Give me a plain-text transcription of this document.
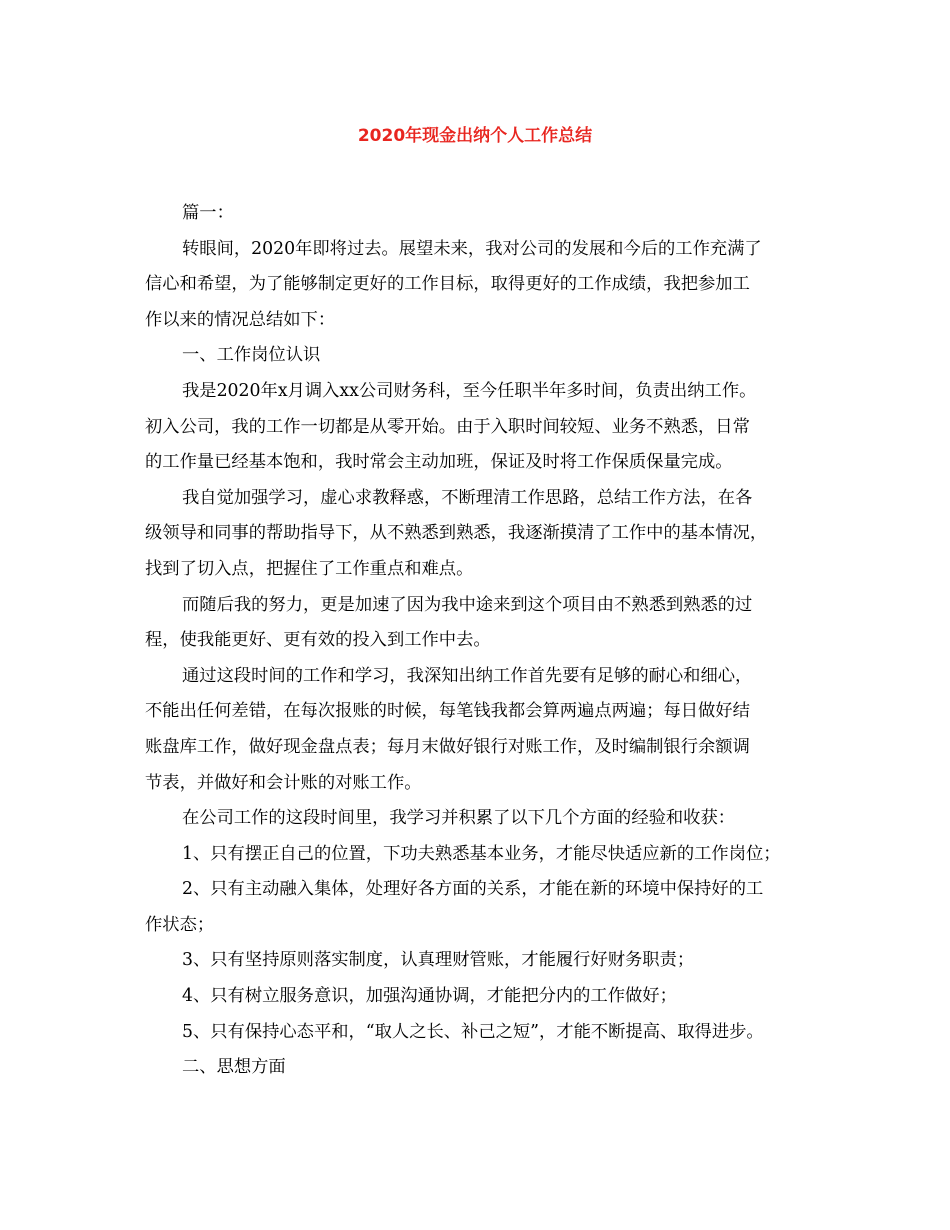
2020年现金出纳个人工作总结
篇一：
转眼间，2020年即将过去。展望未来，我对公司的发展和今后的工作充满了
信心和希望，为了能够制定更好的工作目标，取得更好的工作成绩，我把参加工
作以来的情况总结如下：
一、工作岗位认识
我是2020年x月调入xx公司财务科，至今任职半年多时间，负责出纳工作。
初入公司，我的工作一切都是从零开始。由于入职时间较短、业务不熟悉，日常
的工作量已经基本饱和，我时常会主动加班，保证及时将工作保质保量完成。
我自觉加强学习，虚心求教释惑，不断理清工作思路，总结工作方法，在各
级领导和同事的帮助指导下，从不熟悉到熟悉，我逐渐摸清了工作中的基本情况，
找到了切入点，把握住了工作重点和难点。
而随后我的努力，更是加速了因为我中途来到这个项目由不熟悉到熟悉的过
程，使我能更好、更有效的投入到工作中去。
通过这段时间的工作和学习，我深知出纳工作首先要有足够的耐心和细心，
不能出任何差错，在每次报账的时候，每笔钱我都会算两遍点两遍；每日做好结
账盘库工作，做好现金盘点表；每月末做好银行对账工作，及时编制银行余额调
节表，并做好和会计账的对账工作。
在公司工作的这段时间里，我学习并积累了以下几个方面的经验和收获：
1、只有摆正自己的位置，下功夫熟悉基本业务，才能尽快适应新的工作岗位；
2、只有主动融入集体，处理好各方面的关系，才能在新的环境中保持好的工
作状态；
3、只有坚持原则落实制度，认真理财管账，才能履行好财务职责；
4、只有树立服务意识，加强沟通协调，才能把分内的工作做好；
5、只有保持心态平和，“取人之长、补己之短”，才能不断提高、取得进步。
二、思想方面
